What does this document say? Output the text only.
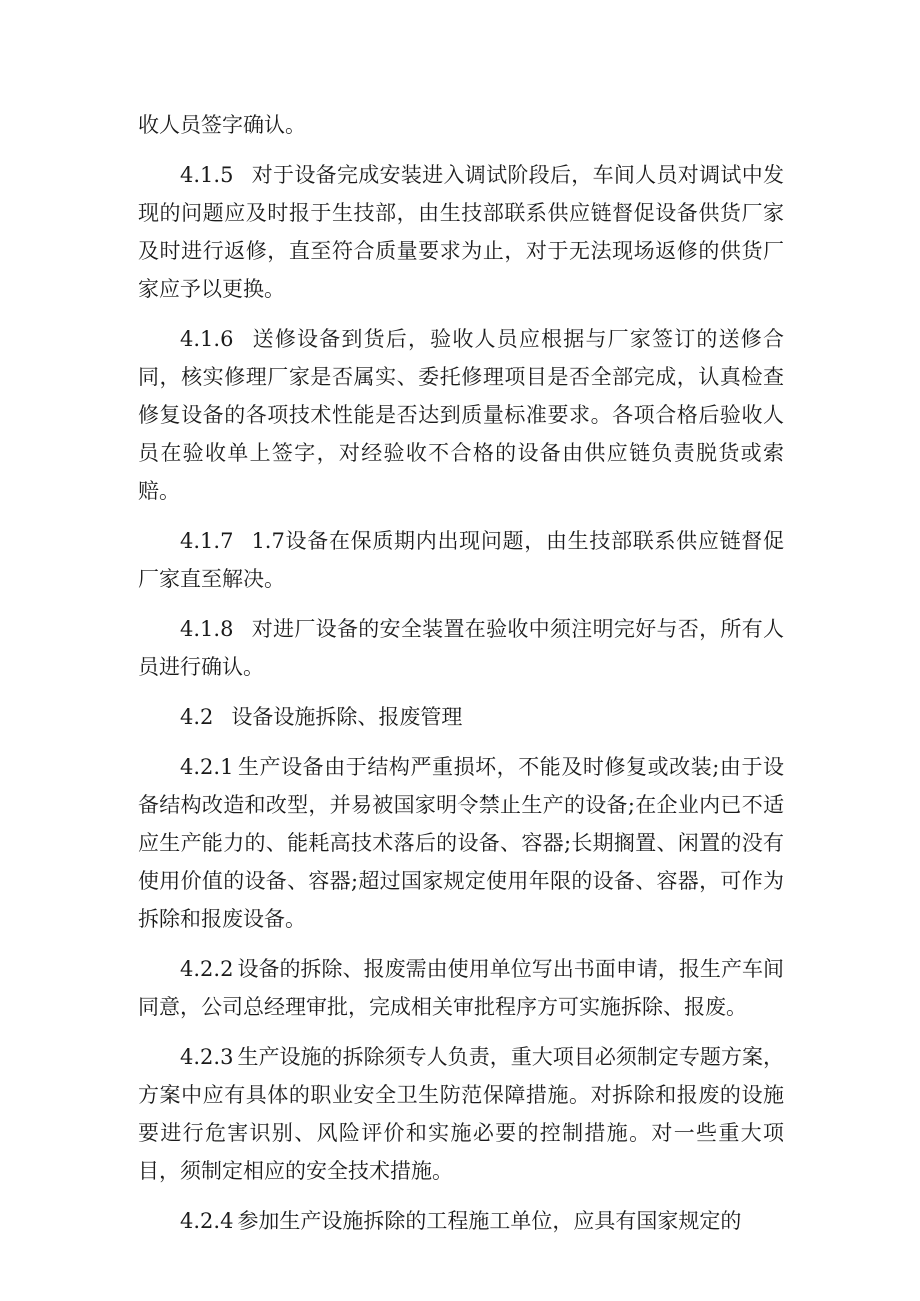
收人员签字确认。

4.1.5 对于设备完成安装进入调试阶段后，车间人员对调试中发现的问题应及时报于生技部，由生技部联系供应链督促设备供货厂家及时进行返修，直至符合质量要求为止，对于无法现场返修的供货厂家应予以更换。

4.1.6 送修设备到货后，验收人员应根据与厂家签订的送修合同，核实修理厂家是否属实、委托修理项目是否全部完成，认真检查修复设备的各项技术性能是否达到质量标准要求。各项合格后验收人员在验收单上签字，对经验收不合格的设备由供应链负责脱货或索赔。

4.1.7 1.7设备在保质期内出现问题，由生技部联系供应链督促厂家直至解决。

4.1.8 对进厂设备的安全装置在验收中须注明完好与否，所有人员进行确认。

4.2 设备设施拆除、报废管理

4.2.1 生产设备由于结构严重损坏，不能及时修复或改装;由于设备结构改造和改型，并易被国家明令禁止生产的设备;在企业内已不适应生产能力的、能耗高技术落后的设备、容器;长期搁置、闲置的没有使用价值的设备、容器;超过国家规定使用年限的设备、容器，可作为拆除和报废设备。

4.2.2 设备的拆除、报废需由使用单位写出书面申请，报生产车间同意，公司总经理审批，完成相关审批程序方可实施拆除、报废。

4.2.3 生产设施的拆除须专人负责，重大项目必须制定专题方案，方案中应有具体的职业安全卫生防范保障措施。对拆除和报废的设施要进行危害识别、风险评价和实施必要的控制措施。对一些重大项目，须制定相应的安全技术措施。

4.2.4 参加生产设施拆除的工程施工单位，应具有国家规定的
